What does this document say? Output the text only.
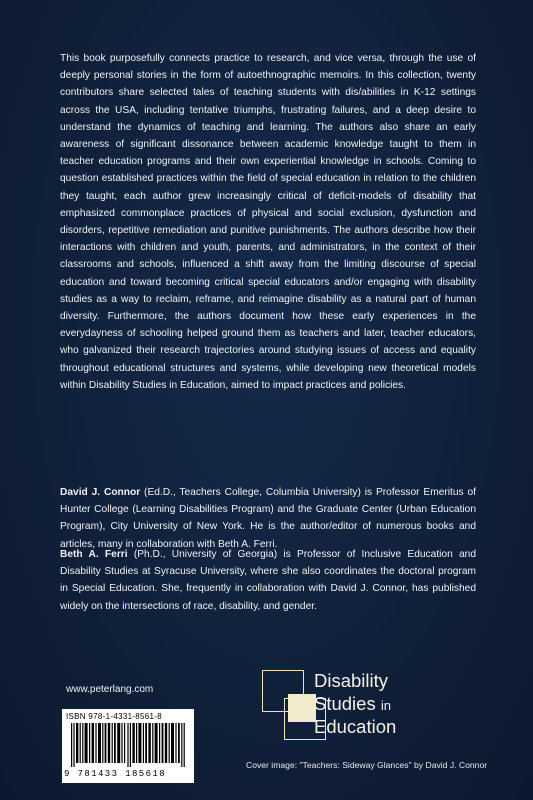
This book purposefully connects practice to research, and vice versa, through the use of deeply personal stories in the form of autoethnographic memoirs. In this collection, twenty contributors share selected tales of teaching students with dis/abilities in K-12 settings across the USA, including tentative triumphs, frustrating failures, and a deep desire to understand the dynamics of teaching and learning. The authors also share an early awareness of significant dissonance between academic knowledge taught to them in teacher education programs and their own experiential knowledge in schools. Coming to question established practices within the field of special education in relation to the children they taught, each author grew increasingly critical of deficit-models of disability that emphasized commonplace practices of physical and social exclusion, dysfunction and disorders, repetitive remediation and punitive punishments. The authors describe how their interactions with children and youth, parents, and administrators, in the context of their classrooms and schools, influenced a shift away from the limiting discourse of special education and toward becoming critical special educators and/or engaging with disability studies as a way to reclaim, reframe, and reimagine disability as a natural part of human diversity. Furthermore, the authors document how these early experiences in the everydayness of schooling helped ground them as teachers and later, teacher educators, who galvanized their research trajectories around studying issues of access and equality throughout educational structures and systems, while developing new theoretical models within Disability Studies in Education, aimed to impact practices and policies.

David J. Connor (Ed.D., Teachers College, Columbia University) is Professor Emeritus of Hunter College (Learning Disabilities Program) and the Graduate Center (Urban Education Program), City University of New York. He is the author/editor of numerous books and articles, many in collaboration with Beth A. Ferri.

Beth A. Ferri (Ph.D., University of Georgia) is Professor of Inclusive Education and Disability Studies at Syracuse University, where she also coordinates the doctoral program in Special Education. She, frequently in collaboration with David J. Connor, has published widely on the intersections of race, disability, and gender.

www.peterlang.com
ISBN 978-1-4331-8561-8
9 781433 185618
Disability
Studies in
Education
Cover image: "Teachers: Sideway Glances" by David J. Connor
